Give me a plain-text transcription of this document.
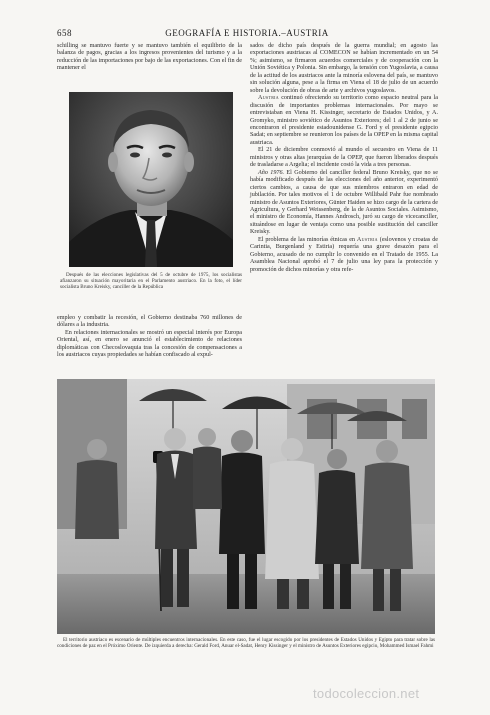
658	GEOGRAFÍA E HISTORIA.–AUSTRIA

schilling se mantuvo fuerte y se mantuvo también el equilibrio de la balanza de pagos, gracias a los ingresos provenientes del turismo y a la reducción de las importaciones por bajo de las exportaciones. Con el fin de mantener el

Después de las elecciones legislativas del 5 de octubre de 1975, los socialistas afianzaron su situación mayoritaria en el Parlamento austriaco. En la foto, el líder socialista Bruno Kreisky, canciller de la República

empleo y combatir la recesión, el Gobierno destinaba 760 millones de dólares a la industria.

En relaciones internacionales se mostró un especial interés por Europa Oriental, así, en enero se anunció el establecimiento de relaciones diplomáticas con Checoslovaquia tras la concesión de compensaciones a los austriacos cuyas propiedades se habían confiscado al expul-

sados de dicho país después de la guerra mundial; en agosto las exportaciones austriacas al COMECON se habían incrementado en un 54 %; asimismo, se firmaron acuerdos comerciales y de cooperación con la Unión Soviética y Polonia. Sin embargo, la tensión con Yugoslavia, a causa de la actitud de los austriacos ante la minoría eslovena del país, se mantuvo sin solución alguna, pese a la firma en Viena el 18 de julio de un acuerdo sobre la devolución de obras de arte y archivos yugoslavos.

Austria continuó ofreciendo su territorio como espacio neutral para la discusión de importantes problemas internacionales. Por mayo se entrevistaban en Viena H. Kissinger, secretario de Estados Unidos, y A. Gromyko, ministro soviético de Asuntos Exteriores; del 1 al 2 de junio se encontraron el presidente estadounidense G. Ford y el presidente egipcio Sadat; en septiembre se reunieron los países de la OPEP en la misma capital austriaca.

El 21 de diciembre conmovió al mundo el secuestro en Viena de 11 ministros y otras altas jerarquías de la OPEP, que fueron liberados después de trasladarse a Argelia; el incidente costó la vida a tres personas.

Año 1976. El Gobierno del canciller federal Bruno Kreisky, que no se había modificado después de las elecciones del año anterior, experimentó ciertos cambios, a causa de que sus miembros entraron en edad de jubilación. Por tales motivos el 1 de octubre Willibald Pahr fue nombrado ministro de Asuntos Exteriores, Günter Haiden se hizo cargo de la cartera de Agricultura, y Gerhard Weissenberg, de la de Asuntos Sociales. Asimismo, el ministro de Economía, Hannes Androsch, juró su cargo de vicecanciller, situándose en lugar de ventaja como una posible sustitución del canciller Kreisky.

El problema de las minorías étnicas en Austria (eslovenos y croatas de Carintia, Burgenland y Estiria) requería una grave desazón para el Gobierno, acusado de no cumplir lo convenido en el Tratado de 1955. La Asamblea Nacional aprobó el 7 de julio una ley para la protección y promoción de dichos minorías y otra refe-

El territorio austriaco es escenario de múltiples encuentros internacionales. En este caso, fue el lugar escogido por los presidentes de Estados Unidos y Egipto para tratar sobre las condiciones de paz en el Próximo Oriente. De izquierda a derecha: Gerald Ford, Anuar el-Sadat, Henry Kissinger y el ministro de Asuntos Exteriores egipcio, Mohammed Ismael Fahmi
todocoleccion.net
